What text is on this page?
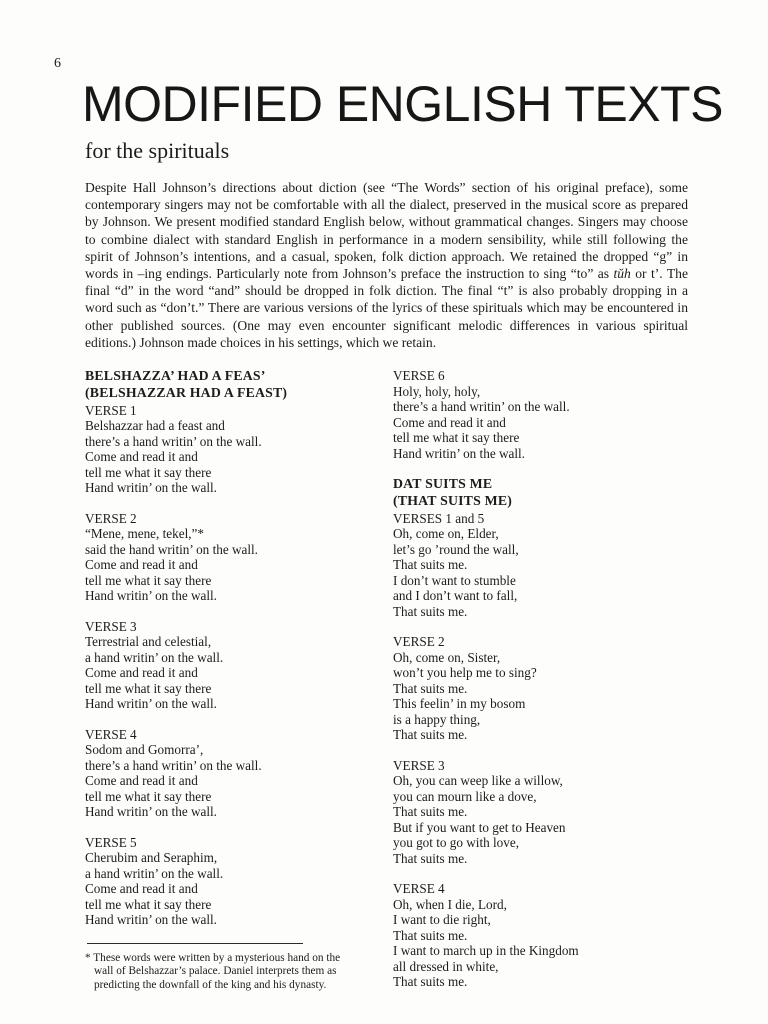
6
MODIFIED ENGLISH TEXTS
for the spirituals

Despite Hall Johnson’s directions about diction (see “The Words” section of his original preface), some contemporary singers may not be comfortable with all the dialect, preserved in the musical score as prepared by Johnson. We present modified standard English below, without grammatical changes. Singers may choose to combine dialect with standard English in performance in a modern sensibility, while still following the spirit of Johnson’s intentions, and a casual, spoken, folk diction approach. We retained the dropped “g” in words in –ing endings. Particularly note from Johnson’s preface the instruction to sing “to” as tŭh or t’. The final “d” in the word “and” should be dropped in folk diction. The final “t” is also probably dropping in a word such as “don’t.” There are various versions of the lyrics of these spirituals which may be encountered in other published sources. (One may even encounter significant melodic differences in various spiritual editions.) Johnson made choices in his settings, which we retain.

BELSHAZZA’ HAD A FEAS’
(BELSHAZZAR HAD A FEAST)
VERSE 1
Belshazzar had a feast and
there’s a hand writin’ on the wall.
Come and read it and
tell me what it say there
Hand writin’ on the wall.
VERSE 2
“Mene, mene, tekel,”*
said the hand writin’ on the wall.
Come and read it and
tell me what it say there
Hand writin’ on the wall.
VERSE 3
Terrestrial and celestial,
a hand writin’ on the wall.
Come and read it and
tell me what it say there
Hand writin’ on the wall.
VERSE 4
Sodom and Gomorra’,
there’s a hand writin’ on the wall.
Come and read it and
tell me what it say there
Hand writin’ on the wall.
VERSE 5
Cherubim and Seraphim,
a hand writin’ on the wall.
Come and read it and
tell me what it say there
Hand writin’ on the wall.
* These words were written by a mysterious hand on the
wall of Belshazzar’s palace. Daniel interprets them as
predicting the downfall of the king and his dynasty.
VERSE 6
Holy, holy, holy,
there’s a hand writin’ on the wall.
Come and read it and
tell me what it say there
Hand writin’ on the wall.
DAT SUITS ME
(THAT SUITS ME)
VERSES 1 and 5
Oh, come on, Elder,
let’s go ’round the wall,
That suits me.
I don’t want to stumble
and I don’t want to fall,
That suits me.
VERSE 2
Oh, come on, Sister,
won’t you help me to sing?
That suits me.
This feelin’ in my bosom
is a happy thing,
That suits me.
VERSE 3
Oh, you can weep like a willow,
you can mourn like a dove,
That suits me.
But if you want to get to Heaven
you got to go with love,
That suits me.
VERSE 4
Oh, when I die, Lord,
I want to die right,
That suits me.
I want to march up in the Kingdom
all dressed in white,
That suits me.
